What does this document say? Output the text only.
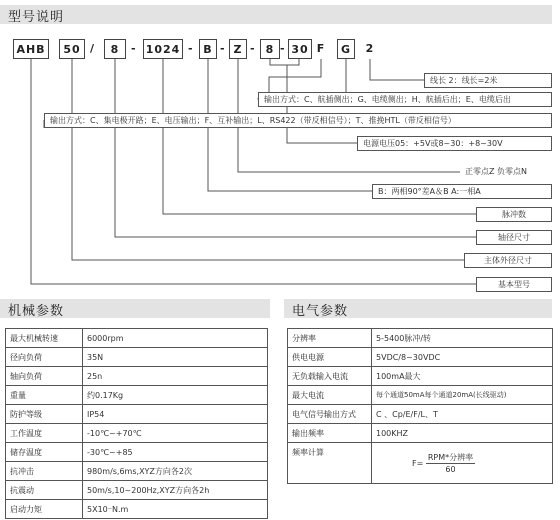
型号说明
AHB	50 /	8	- 1024 - B - Z -	8 - 30 F	G	2
线长 2：线长=2米
输出方式：C、航插侧出；G、电缆侧出；H、航插后出；E、电缆后出
输出方式：C、集电极开路；E、电压输出；F、互补输出；L、RS422（带反相信号）；T、推挽HTL（带反相信号）
电源电压05：+5V或8~30：+8~30V
正零点Z 负零点N
B：两相90°差A＆B A:一相A
脉冲数
轴径尺寸
主体外径尺寸
基本型号
机械参数	电气参数
最大机械转速	6000rpm
径向负荷	35N
轴向负荷	25n
重量	约0.17Kg
防护等级	IP54
工作温度	-10℃~+70℃
储存温度	-30℃~+85
抗冲击	980m/s,6ms,XYZ方向各2次
抗震动	50m/s,10~200Hz,XYZ方向各2h
启动力矩	5X10⁻N.m
分辨率	5-5400脉冲/转
供电电源	5VDC/8~30VDC
无负载输入电流	100mA最大
最大电流	每个通道50mA每个通道20mA(长线驱动)
电气信号输出方式	C 、Cp/E/F/L、T
输出频率	100KHZ
频率计算	F= RPM*分辨率
60
